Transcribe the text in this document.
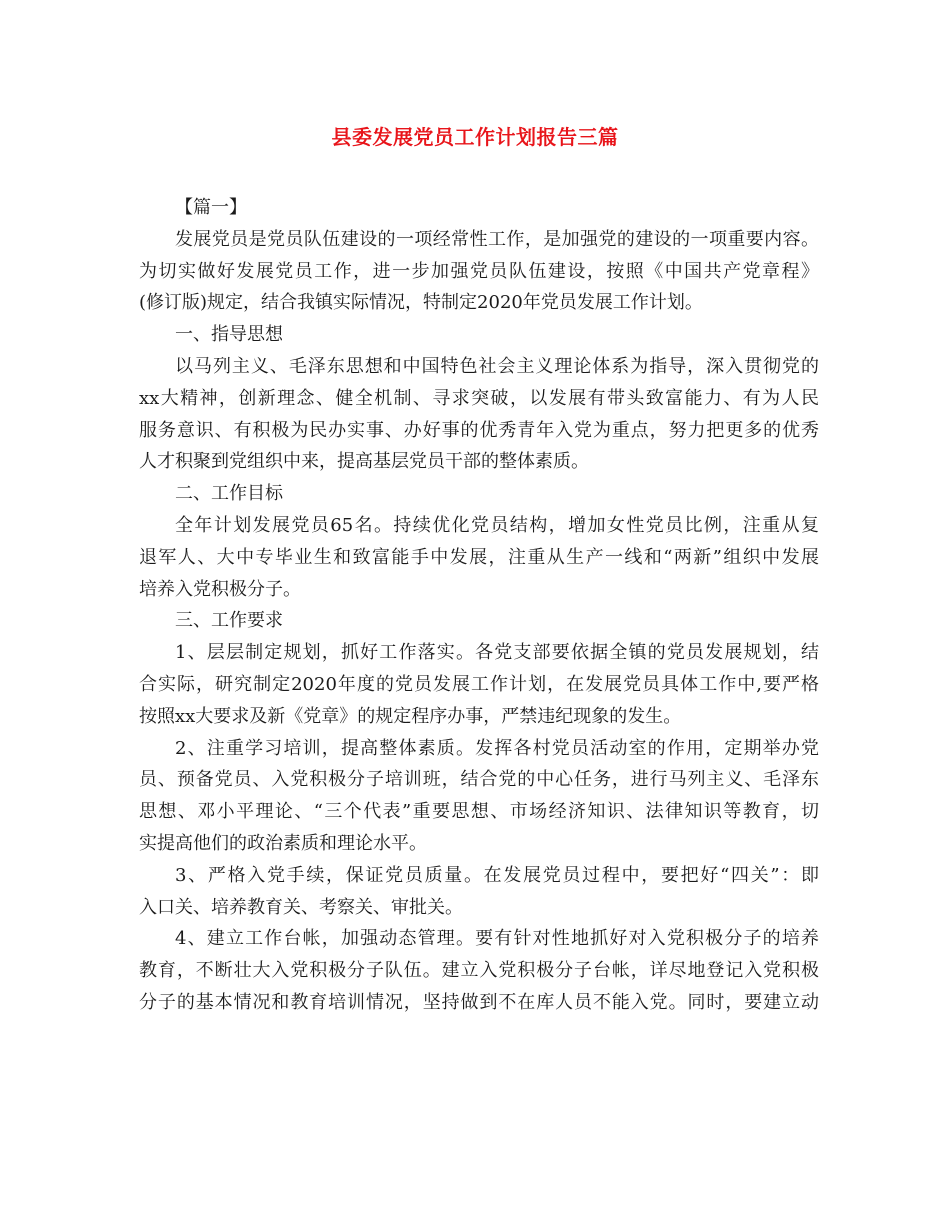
县委发展党员工作计划报告三篇
【篇一】
发展党员是党员队伍建设的一项经常性工作，是加强党的建设的一项重要内容。
为切实做好发展党员工作，进一步加强党员队伍建设，按照《中国共产党章程》
(修订版)规定，结合我镇实际情况，特制定2020年党员发展工作计划。
一、指导思想
以马列主义、毛泽东思想和中国特色社会主义理论体系为指导，深入贯彻党的
xx大精神，创新理念、健全机制、寻求突破，以发展有带头致富能力、有为人民
服务意识、有积极为民办实事、办好事的优秀青年入党为重点，努力把更多的优秀
人才积聚到党组织中来，提高基层党员干部的整体素质。
二、工作目标
全年计划发展党员65名。持续优化党员结构，增加女性党员比例，注重从复
退军人、大中专毕业生和致富能手中发展，注重从生产一线和“两新”组织中发展
培养入党积极分子。
三、工作要求
1、层层制定规划，抓好工作落实。各党支部要依据全镇的党员发展规划，结
合实际，研究制定2020年度的党员发展工作计划，在发展党员具体工作中,要严格
按照xx大要求及新《党章》的规定程序办事，严禁违纪现象的发生。
2、注重学习培训，提高整体素质。发挥各村党员活动室的作用，定期举办党
员、预备党员、入党积极分子培训班，结合党的中心任务，进行马列主义、毛泽东
思想、邓小平理论、“三个代表”重要思想、市场经济知识、法律知识等教育，切
实提高他们的政治素质和理论水平。
3、严格入党手续，保证党员质量。在发展党员过程中，要把好“四关”：即
入口关、培养教育关、考察关、审批关。
4、建立工作台帐，加强动态管理。要有针对性地抓好对入党积极分子的培养
教育，不断壮大入党积极分子队伍。建立入党积极分子台帐，详尽地登记入党积极
分子的基本情况和教育培训情况，坚持做到不在库人员不能入党。同时，要建立动
